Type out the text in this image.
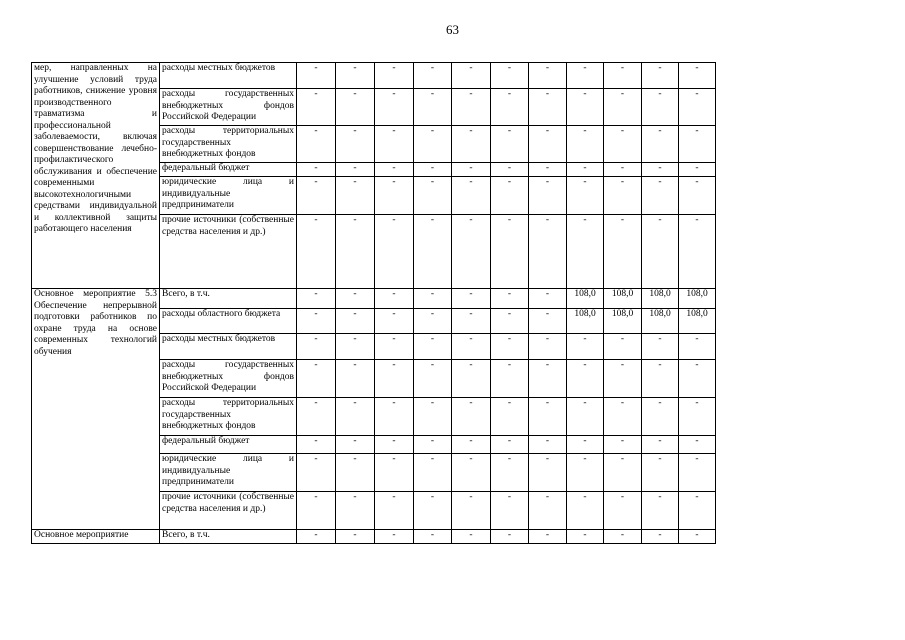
63
мер, направленных на улучшение условий труда работников, снижение уровня производственного травматизма и профессиональной заболеваемости, включая совершенствование лечебно-профилактического обслуживания и обеспечение современными высокотехнологичными средствами индивидуальной и коллективной защиты работающего населения	расходы местных бюджетов	-	-	-	-	-	-	-	-	-	-	-
	расходы государственных внебюджетных фондов Российской Федерации	-	-	-	-	-	-	-	-	-	-	-
	расходы территориальных государственных внебюджетных фондов	-	-	-	-	-	-	-	-	-	-	-
	федеральный бюджет	-	-	-	-	-	-	-	-	-	-	-
	юридические лица и индивидуальные предприниматели	-	-	-	-	-	-	-	-	-	-	-
	прочие источники (собственные средства населения и др.)	-	-	-	-	-	-	-	-	-	-	-
Основное мероприятие 5.3 Обеспечение непрерывной подготовки работников по охране труда на основе современных технологий обучения	Всего, в т.ч.	-	-	-	-	-	-	-	108,0	108,0	108,0	108,0
	расходы областного бюджета	-	-	-	-	-	-	-	108,0	108,0	108,0	108,0
	расходы местных бюджетов	-	-	-	-	-	-	-	-	-	-	-
	расходы государственных внебюджетных фондов Российской Федерации	-	-	-	-	-	-	-	-	-	-	-
	расходы территориальных государственных внебюджетных фондов	-	-	-	-	-	-	-	-	-	-	-
	федеральный бюджет	-	-	-	-	-	-	-	-	-	-	-
	юридические лица и индивидуальные предприниматели	-	-	-	-	-	-	-	-	-	-	-
	прочие источники (собственные средства населения и др.)	-	-	-	-	-	-	-	-	-	-	-
Основное мероприятие	Всего, в т.ч.	-	-	-	-	-	-	-	-	-	-	-
